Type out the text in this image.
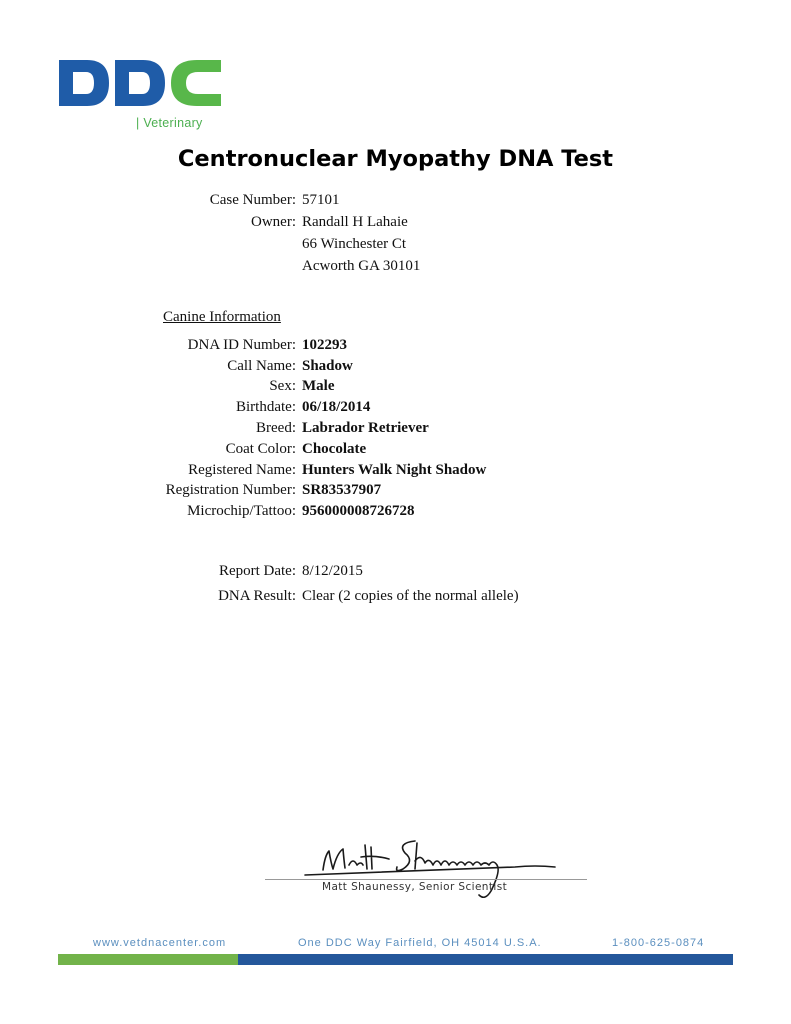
| Veterinary
Centronuclear Myopathy DNA Test
Case Number: 57101
Owner: Randall H Lahaie
66 Winchester Ct
Acworth GA 30101
Canine Information
DNA ID Number: 102293
Call Name: Shadow
Sex: Male
Birthdate: 06/18/2014
Breed: Labrador Retriever
Coat Color: Chocolate
Registered Name: Hunters Walk Night Shadow
Registration Number: SR83537907
Microchip/Tattoo: 956000008726728
Report Date: 8/12/2015
DNA Result: Clear (2 copies of the normal allele)
Matt Shaunessy, Senior Scientist
www.vetdnacenter.com	One DDC Way Fairfield, OH 45014 U.S.A.	1-800-625-0874
